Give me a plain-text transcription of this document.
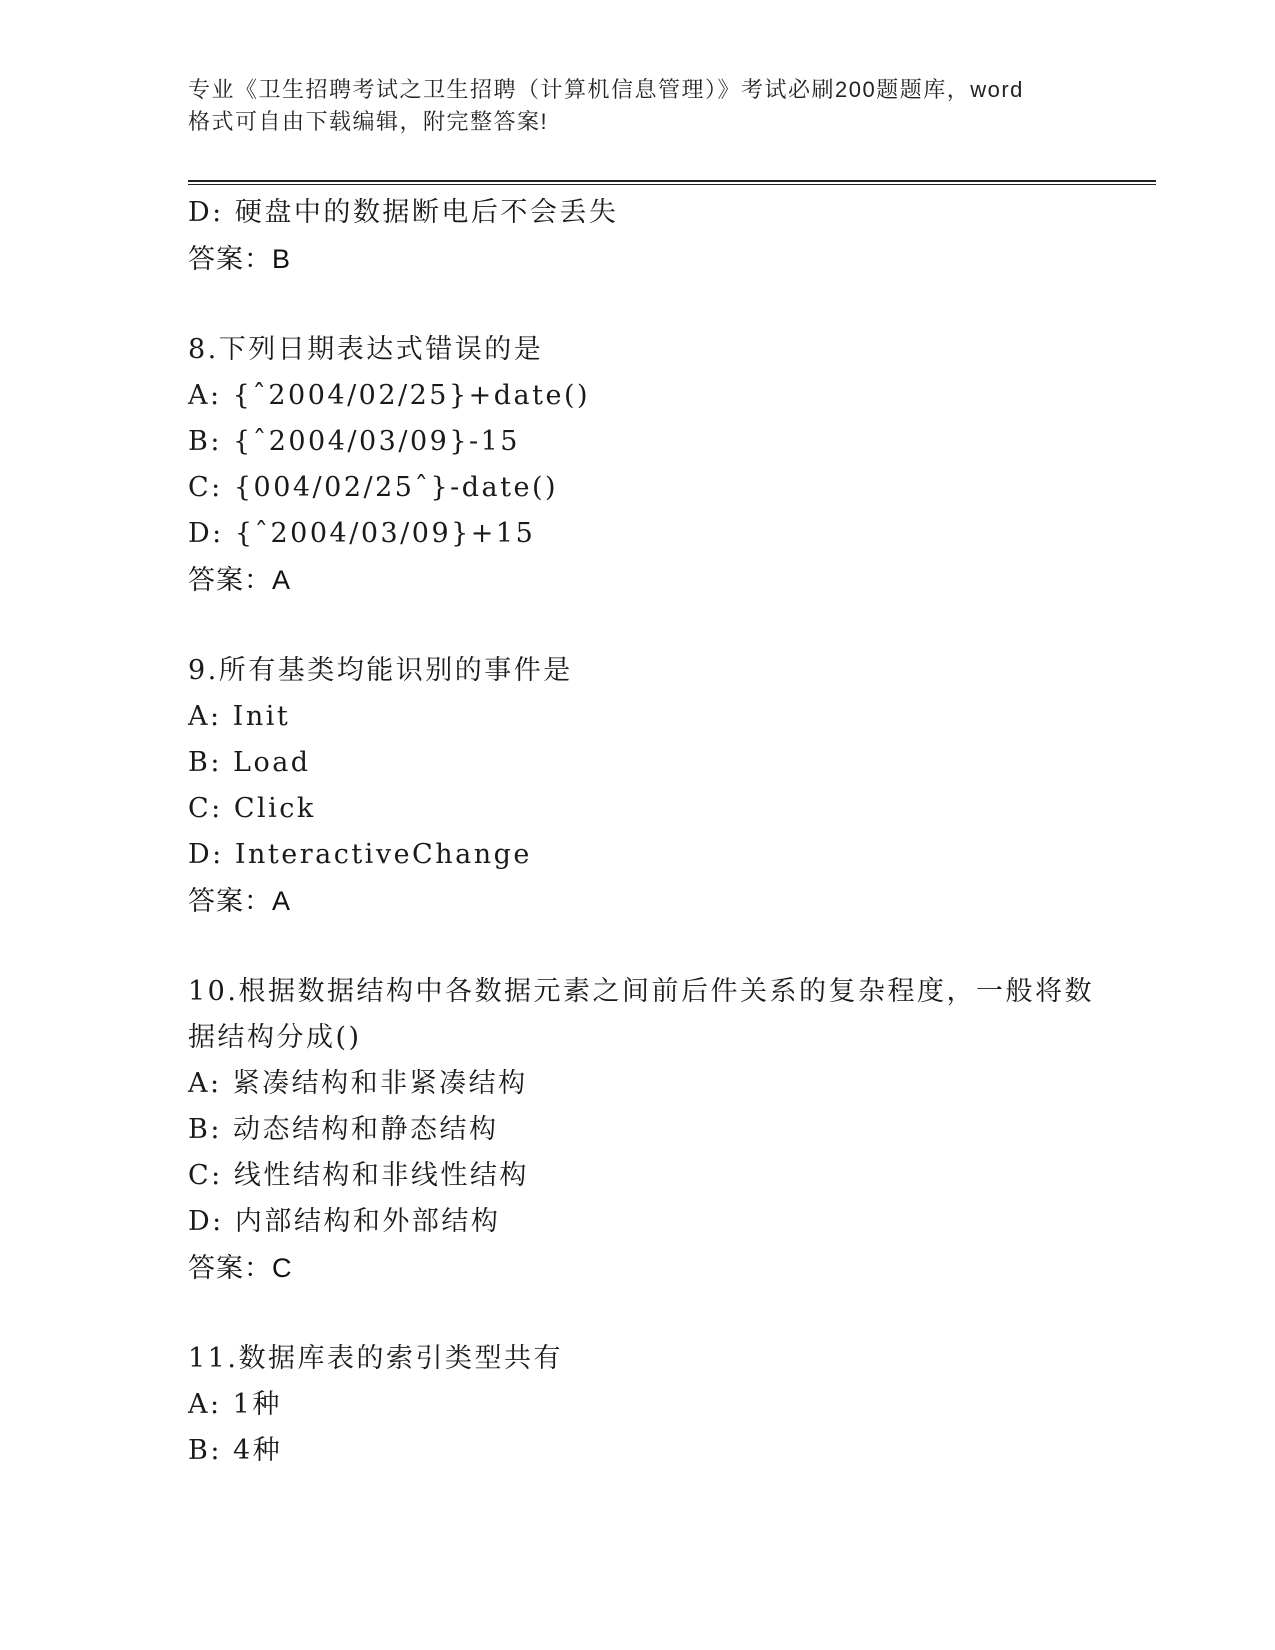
专业《卫生招聘考试之卫生招聘（计算机信息管理）》考试必刷200题题库，word
格式可自由下载编辑，附完整答案!
D: 硬盘中的数据断电后不会丢失
答案：B
8.下列日期表达式错误的是
A: {ˆ2004/02/25}+date()
B: {ˆ2004/03/09}-15
C: {004/02/25ˆ}-date()
D: {ˆ2004/03/09}+15
答案：A
9.所有基类均能识别的事件是
A: Init
B: Load
C: Click
D: InteractiveChange
答案：A
10.根据数据结构中各数据元素之间前后件关系的复杂程度，一般将数
据结构分成()
A: 紧凑结构和非紧凑结构
B: 动态结构和静态结构
C: 线性结构和非线性结构
D: 内部结构和外部结构
答案：C
11.数据库表的索引类型共有
A: 1种
B: 4种
